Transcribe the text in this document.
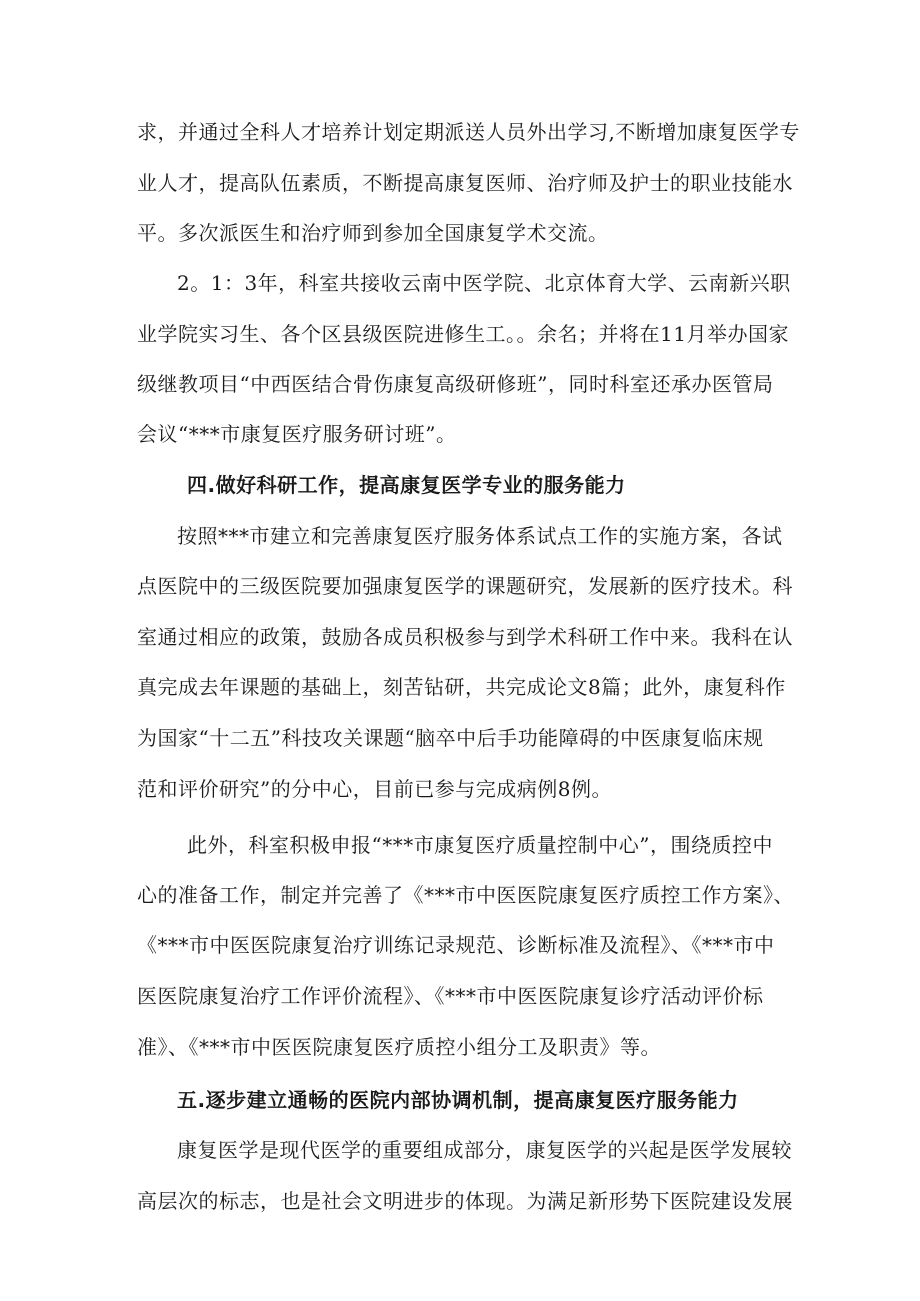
求，并通过全科人才培养计划定期派送人员外出学习,不断增加康复医学专
业人才，提高队伍素质，不断提高康复医师、治疗师及护士的职业技能水
平。多次派医生和治疗师到参加全国康复学术交流。
2。1：3年，科室共接收云南中医学院、北京体育大学、云南新兴职
业学院实习生、各个区县级医院进修生工。。余名；并将在11月举办国家
级继教项目“中西医结合骨伤康复高级研修班”，同时科室还承办医管局
会议“***市康复医疗服务研讨班”。
四.做好科研工作，提高康复医学专业的服务能力
按照***市建立和完善康复医疗服务体系试点工作的实施方案，各试
点医院中的三级医院要加强康复医学的课题研究，发展新的医疗技术。科
室通过相应的政策，鼓励各成员积极参与到学术科研工作中来。我科在认
真完成去年课题的基础上，刻苦钻研，共完成论文8篇；此外，康复科作
为国家“十二五”科技攻关课题“脑卒中后手功能障碍的中医康复临床规
范和评价研究”的分中心，目前已参与完成病例8例。
此外，科室积极申报“***市康复医疗质量控制中心”，围绕质控中
心的准备工作，制定并完善了《***市中医医院康复医疗质控工作方案》、
《***市中医医院康复治疗训练记录规范、诊断标准及流程》、《***市中
医医院康复治疗工作评价流程》、《***市中医医院康复诊疗活动评价标
准》、《***市中医医院康复医疗质控小组分工及职责》等。
五.逐步建立通畅的医院内部协调机制，提高康复医疗服务能力
康复医学是现代医学的重要组成部分，康复医学的兴起是医学发展较
高层次的标志，也是社会文明进步的体现。为满足新形势下医院建设发展
